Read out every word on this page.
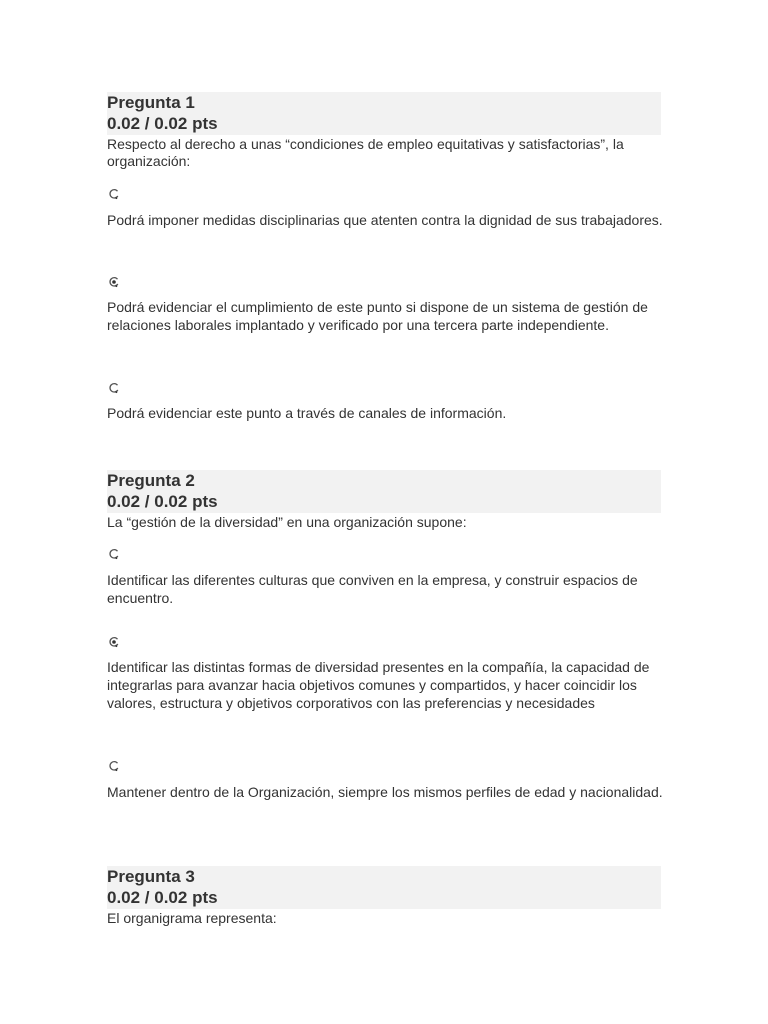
Pregunta 1
0.02 / 0.02 pts
Respecto al derecho a unas “condiciones de empleo equitativas y satisfactorias”, la organización:
Podrá imponer medidas disciplinarias que atenten contra la dignidad de sus trabajadores.
Podrá evidenciar el cumplimiento de este punto si dispone de un sistema de gestión de relaciones laborales implantado y verificado por una tercera parte independiente.
Podrá evidenciar este punto a través de canales de información.
Pregunta 2
0.02 / 0.02 pts
La “gestión de la diversidad” en una organización supone:
Identificar las diferentes culturas que conviven en la empresa, y construir espacios de encuentro.
Identificar las distintas formas de diversidad presentes en la compañía, la capacidad de integrarlas para avanzar hacia objetivos comunes y compartidos, y hacer coincidir los valores, estructura y objetivos corporativos con las preferencias y necesidades
Mantener dentro de la Organización, siempre los mismos perfiles de edad y nacionalidad.
Pregunta 3
0.02 / 0.02 pts
El organigrama representa:
